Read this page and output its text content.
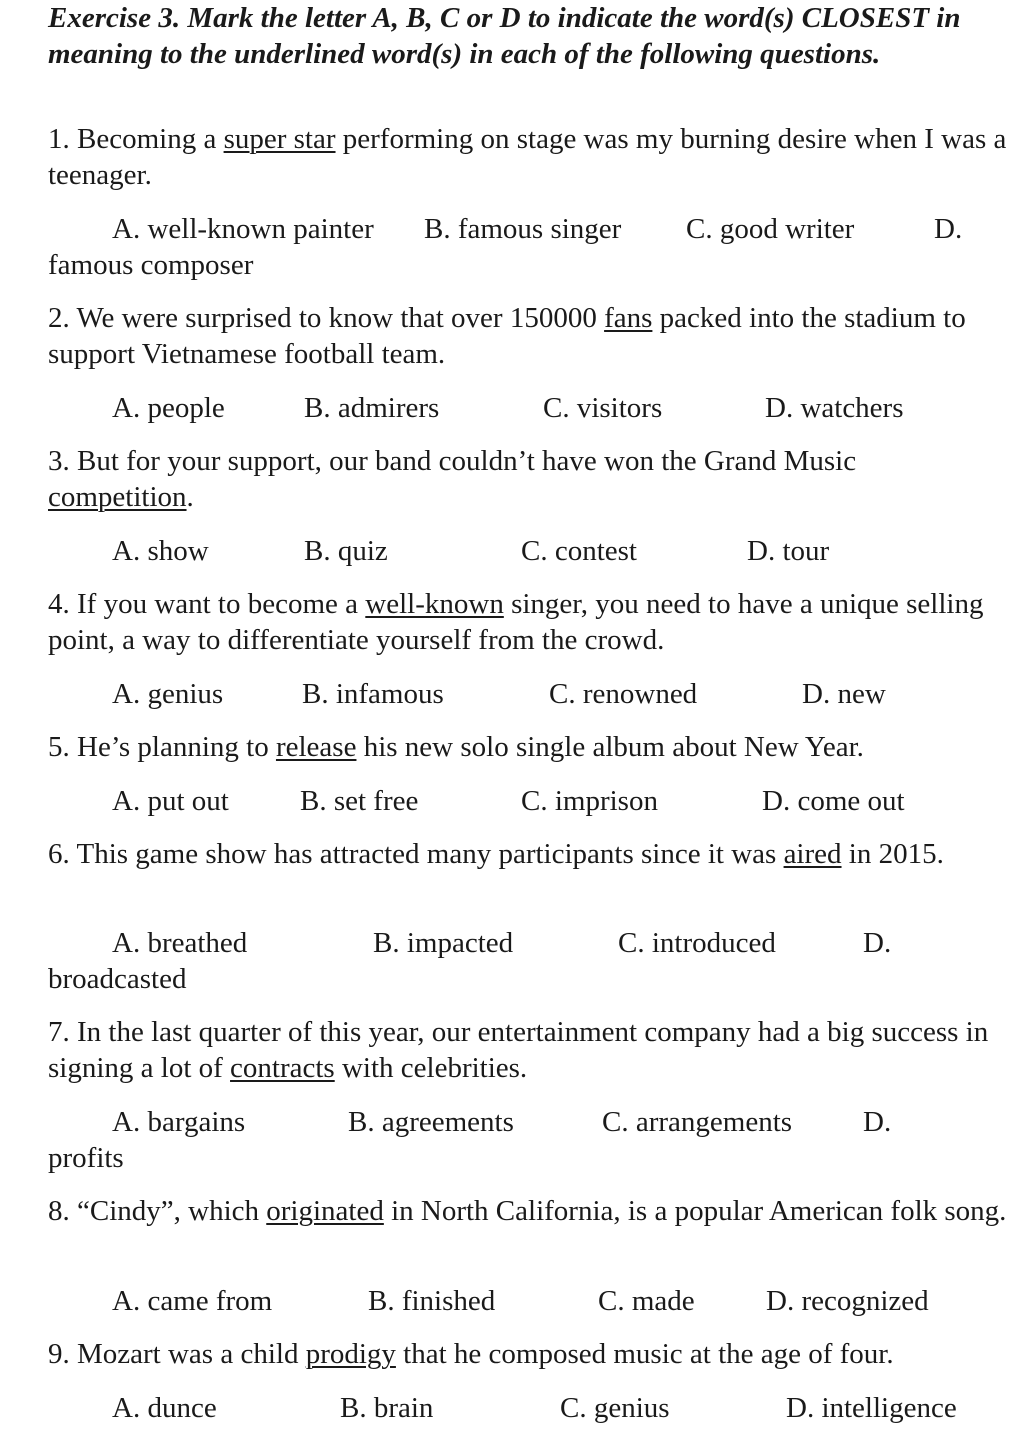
Exercise 3. Mark the letter A, B, C or D to indicate the word(s) CLOSEST in meaning to the underlined word(s) in each of the following questions.
1. Becoming a super star performing on stage was my burning desire when I was a teenager.
A. well-known painter B. famous singer C. good writer	D.
famous composer
2. We were surprised to know that over 150000 fans packed into the stadium to support Vietnamese football team.
A. people	B. admirers	C. visitors	D. watchers
3. But for your support, our band couldn’t have won the Grand Music competition.
A. show	B. quiz	C. contest	D. tour
4. If you want to become a well-known singer, you need to have a unique selling point, a way to differentiate yourself from the crowd.
A. genius	B. infamous	C. renowned	D. new
5. He’s planning to release his new solo single album about New Year.
A. put out B. set free	C. imprison	D. come out
6. This game show has attracted many participants since it was aired in 2015.
A. breathed	B. impacted	C. introduced	D.
broadcasted
7. In the last quarter of this year, our entertainment company had a big success in signing a lot of contracts with celebrities.
A. bargains	B. agreements	C. arrangements D.
profits
8. “Cindy”, which originated in North California, is a popular American folk song.
A. came from	B. finished	C. made D. recognized
9. Mozart was a child prodigy that he composed music at the age of four.
A. dunce	B. brain	C. genius	D. intelligence
